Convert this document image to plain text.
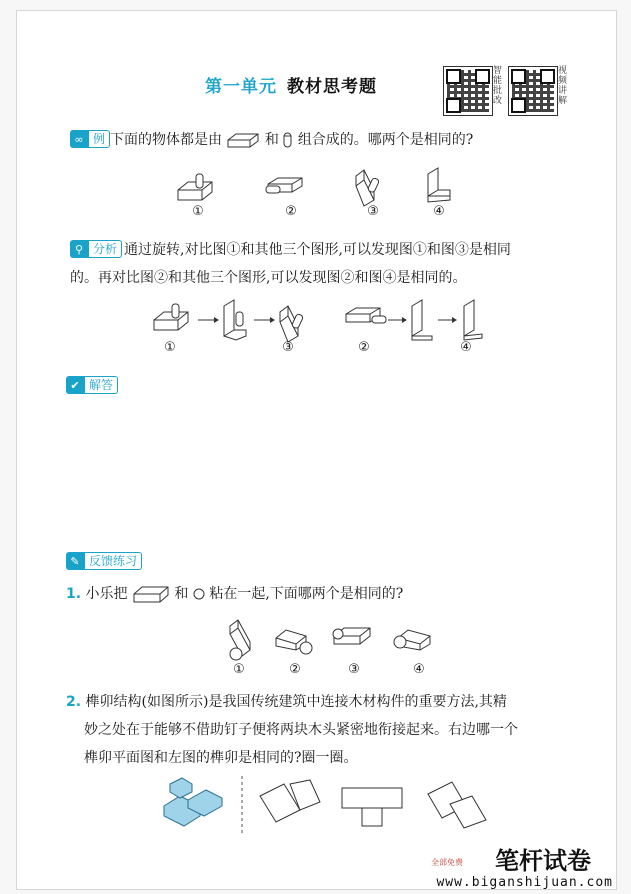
第一单元 教材思考题
智能批改
视频讲解
∞ 例 下面的物体都是由	和 组合成的。哪两个是相同的?
①	②	③	④
⚲ 分析 通过旋转,对比图①和其他三个图形,可以发现图①和图③是相同
的。再对比图②和其他三个图形,可以发现图②和图④是相同的。
①	③	②	④
✔ 解答
✎ 反馈练习
1. 小乐把	和 粘在一起,下面哪两个是相同的?
①	②	③	④
2. 榫卯结构(如图所示)是我国传统建筑中连接木材构件的重要方法,其精
妙之处在于能够不借助钉子便将两块木头紧密地衔接起来。右边哪一个
榫卯平面图和左图的榫卯是相同的?圈一圈。
笔杆试卷
全部免费
www.biganshijuan.com
